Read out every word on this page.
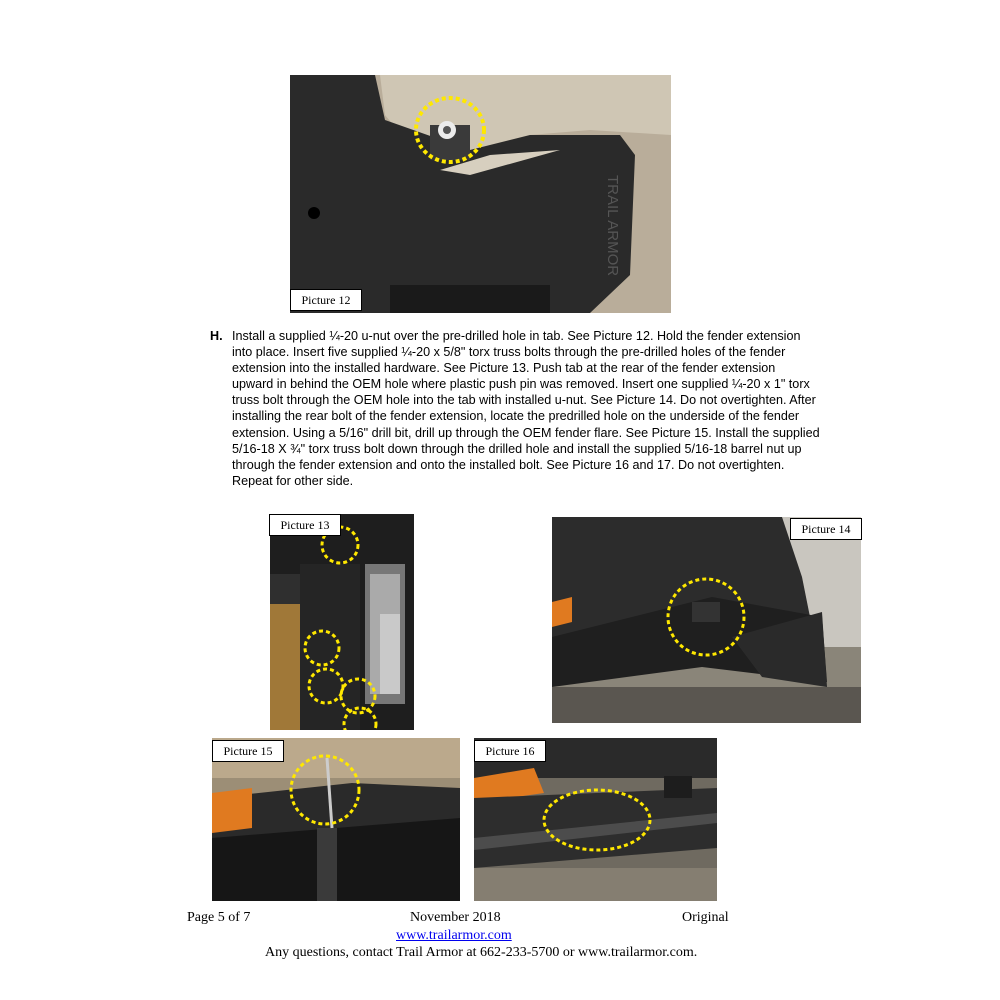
TRAIL ARMOR
Picture 12
H. Install a supplied ¼-20 u-nut over the pre-drilled hole in tab. See Picture 12. Hold the fender extension into place. Insert five supplied ¼-20 x 5/8" torx truss bolts through the pre-drilled holes of the fender extension into the installed hardware. See Picture 13. Push tab at the rear of the fender extension upward in behind the OEM hole where plastic push pin was removed. Insert one supplied ¼-20 x 1" torx truss bolt through the OEM hole into the tab with installed u-nut. See Picture 14. Do not overtighten. After installing the rear bolt of the fender extension, locate the predrilled hole on the underside of the fender extension. Using a 5/16" drill bit, drill up through the OEM fender flare. See Picture 15. Install the supplied 5/16-18 X ¾" torx truss bolt down through the drilled hole and install the supplied 5/16-18 barrel nut up through the fender extension and onto the installed bolt. See Picture 16 and 17. Do not overtighten. Repeat for other side.
Picture 13	Picture 14
Picture 15	Picture 16
Page 5 of 7	November 2018	Original
www.trailarmor.com
Any questions, contact Trail Armor at 662-233-5700 or www.trailarmor.com.
